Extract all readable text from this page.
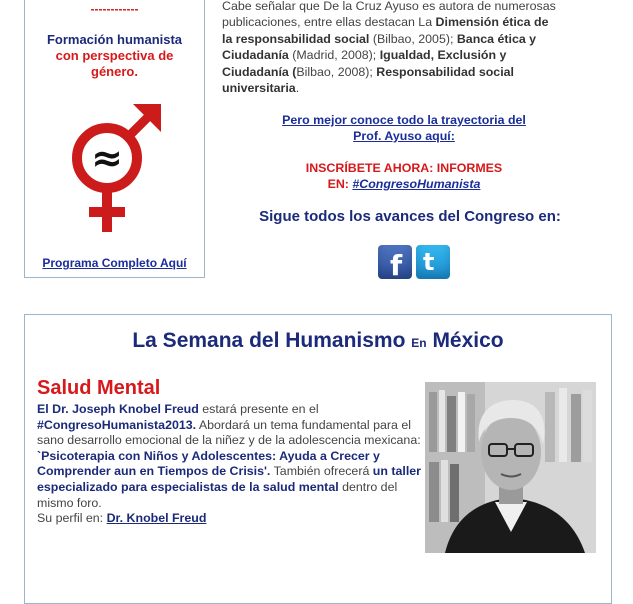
------------
Formación humanista
con perspectiva de
género.
≈
Programa Completo Aquí
Cabe señalar que De la Cruz Ayuso es autora de numerosas publicaciones, entre ellas destacan La Dimensión ética de la responsabilidad social (Bilbao, 2005); Banca ética y Ciudadanía (Madrid, 2008); Igualdad, Exclusión y Ciudadanía (Bilbao, 2008); Responsabilidad social universitaria.
Pero mejor conoce todo la trayectoria del
Prof. Ayuso aquí:
INSCRÍBETE AHORA: INFORMES
EN: #CongresoHumanista
Sigue todos los avances del Congreso en:
f t
La Semana del Humanismo En México
Salud Mental
El Dr. Joseph Knobel Freud estará presente en el #CongresoHumanista2013. Abordará un tema fundamental para el sano desarrollo emocional de la niñez y de la adolescencia mexicana: `Psicoterapia con Niños y Adolescentes: Ayuda a Crecer y Comprender aun en Tiempos de Crisis'. También ofrecerá un taller especializado para especialistas de la salud mental dentro del mismo foro.
Su perfil en: Dr. Knobel Freud
